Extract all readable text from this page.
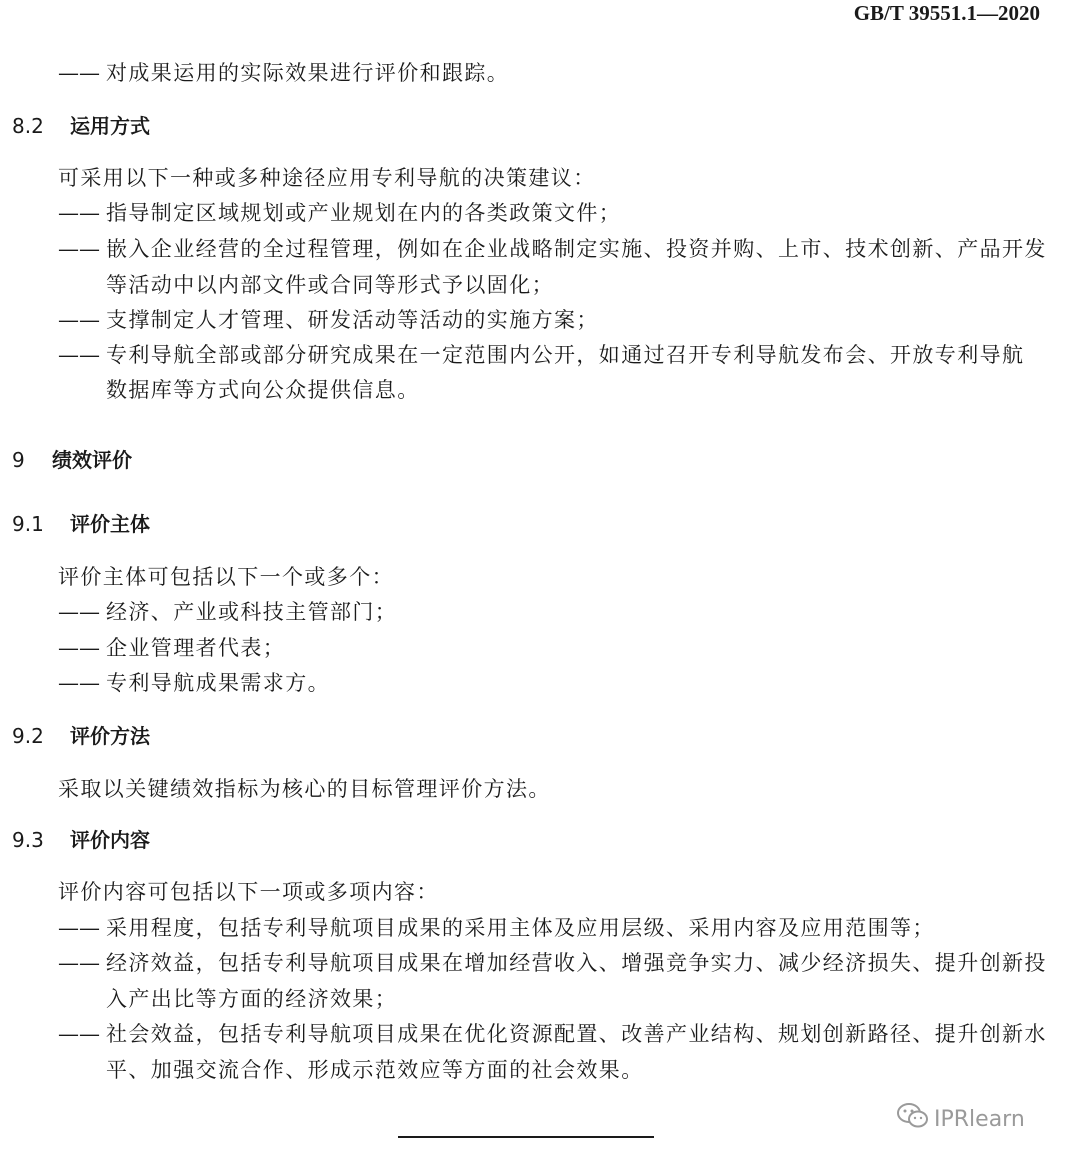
GB/T 39551.1—2020
—— 对成果运用的实际效果进行评价和跟踪。
8.2 运用方式
可采用以下一种或多种途径应用专利导航的决策建议：
—— 指导制定区域规划或产业规划在内的各类政策文件；
—— 嵌入企业经营的全过程管理，例如在企业战略制定实施、投资并购、上市、技术创新、产品开发
等活动中以内部文件或合同等形式予以固化；
—— 支撑制定人才管理、研发活动等活动的实施方案；
—— 专利导航全部或部分研究成果在一定范围内公开，如通过召开专利导航发布会、开放专利导航
数据库等方式向公众提供信息。
9 绩效评价
9.1 评价主体
评价主体可包括以下一个或多个：
—— 经济、产业或科技主管部门；
—— 企业管理者代表；
—— 专利导航成果需求方。
9.2 评价方法
采取以关键绩效指标为核心的目标管理评价方法。
9.3 评价内容
评价内容可包括以下一项或多项内容：
—— 采用程度，包括专利导航项目成果的采用主体及应用层级、采用内容及应用范围等；
—— 经济效益，包括专利导航项目成果在增加经营收入、增强竞争实力、减少经济损失、提升创新投
入产出比等方面的经济效果；
—— 社会效益，包括专利导航项目成果在优化资源配置、改善产业结构、规划创新路径、提升创新水
平、加强交流合作、形成示范效应等方面的社会效果。
IPRlearn
